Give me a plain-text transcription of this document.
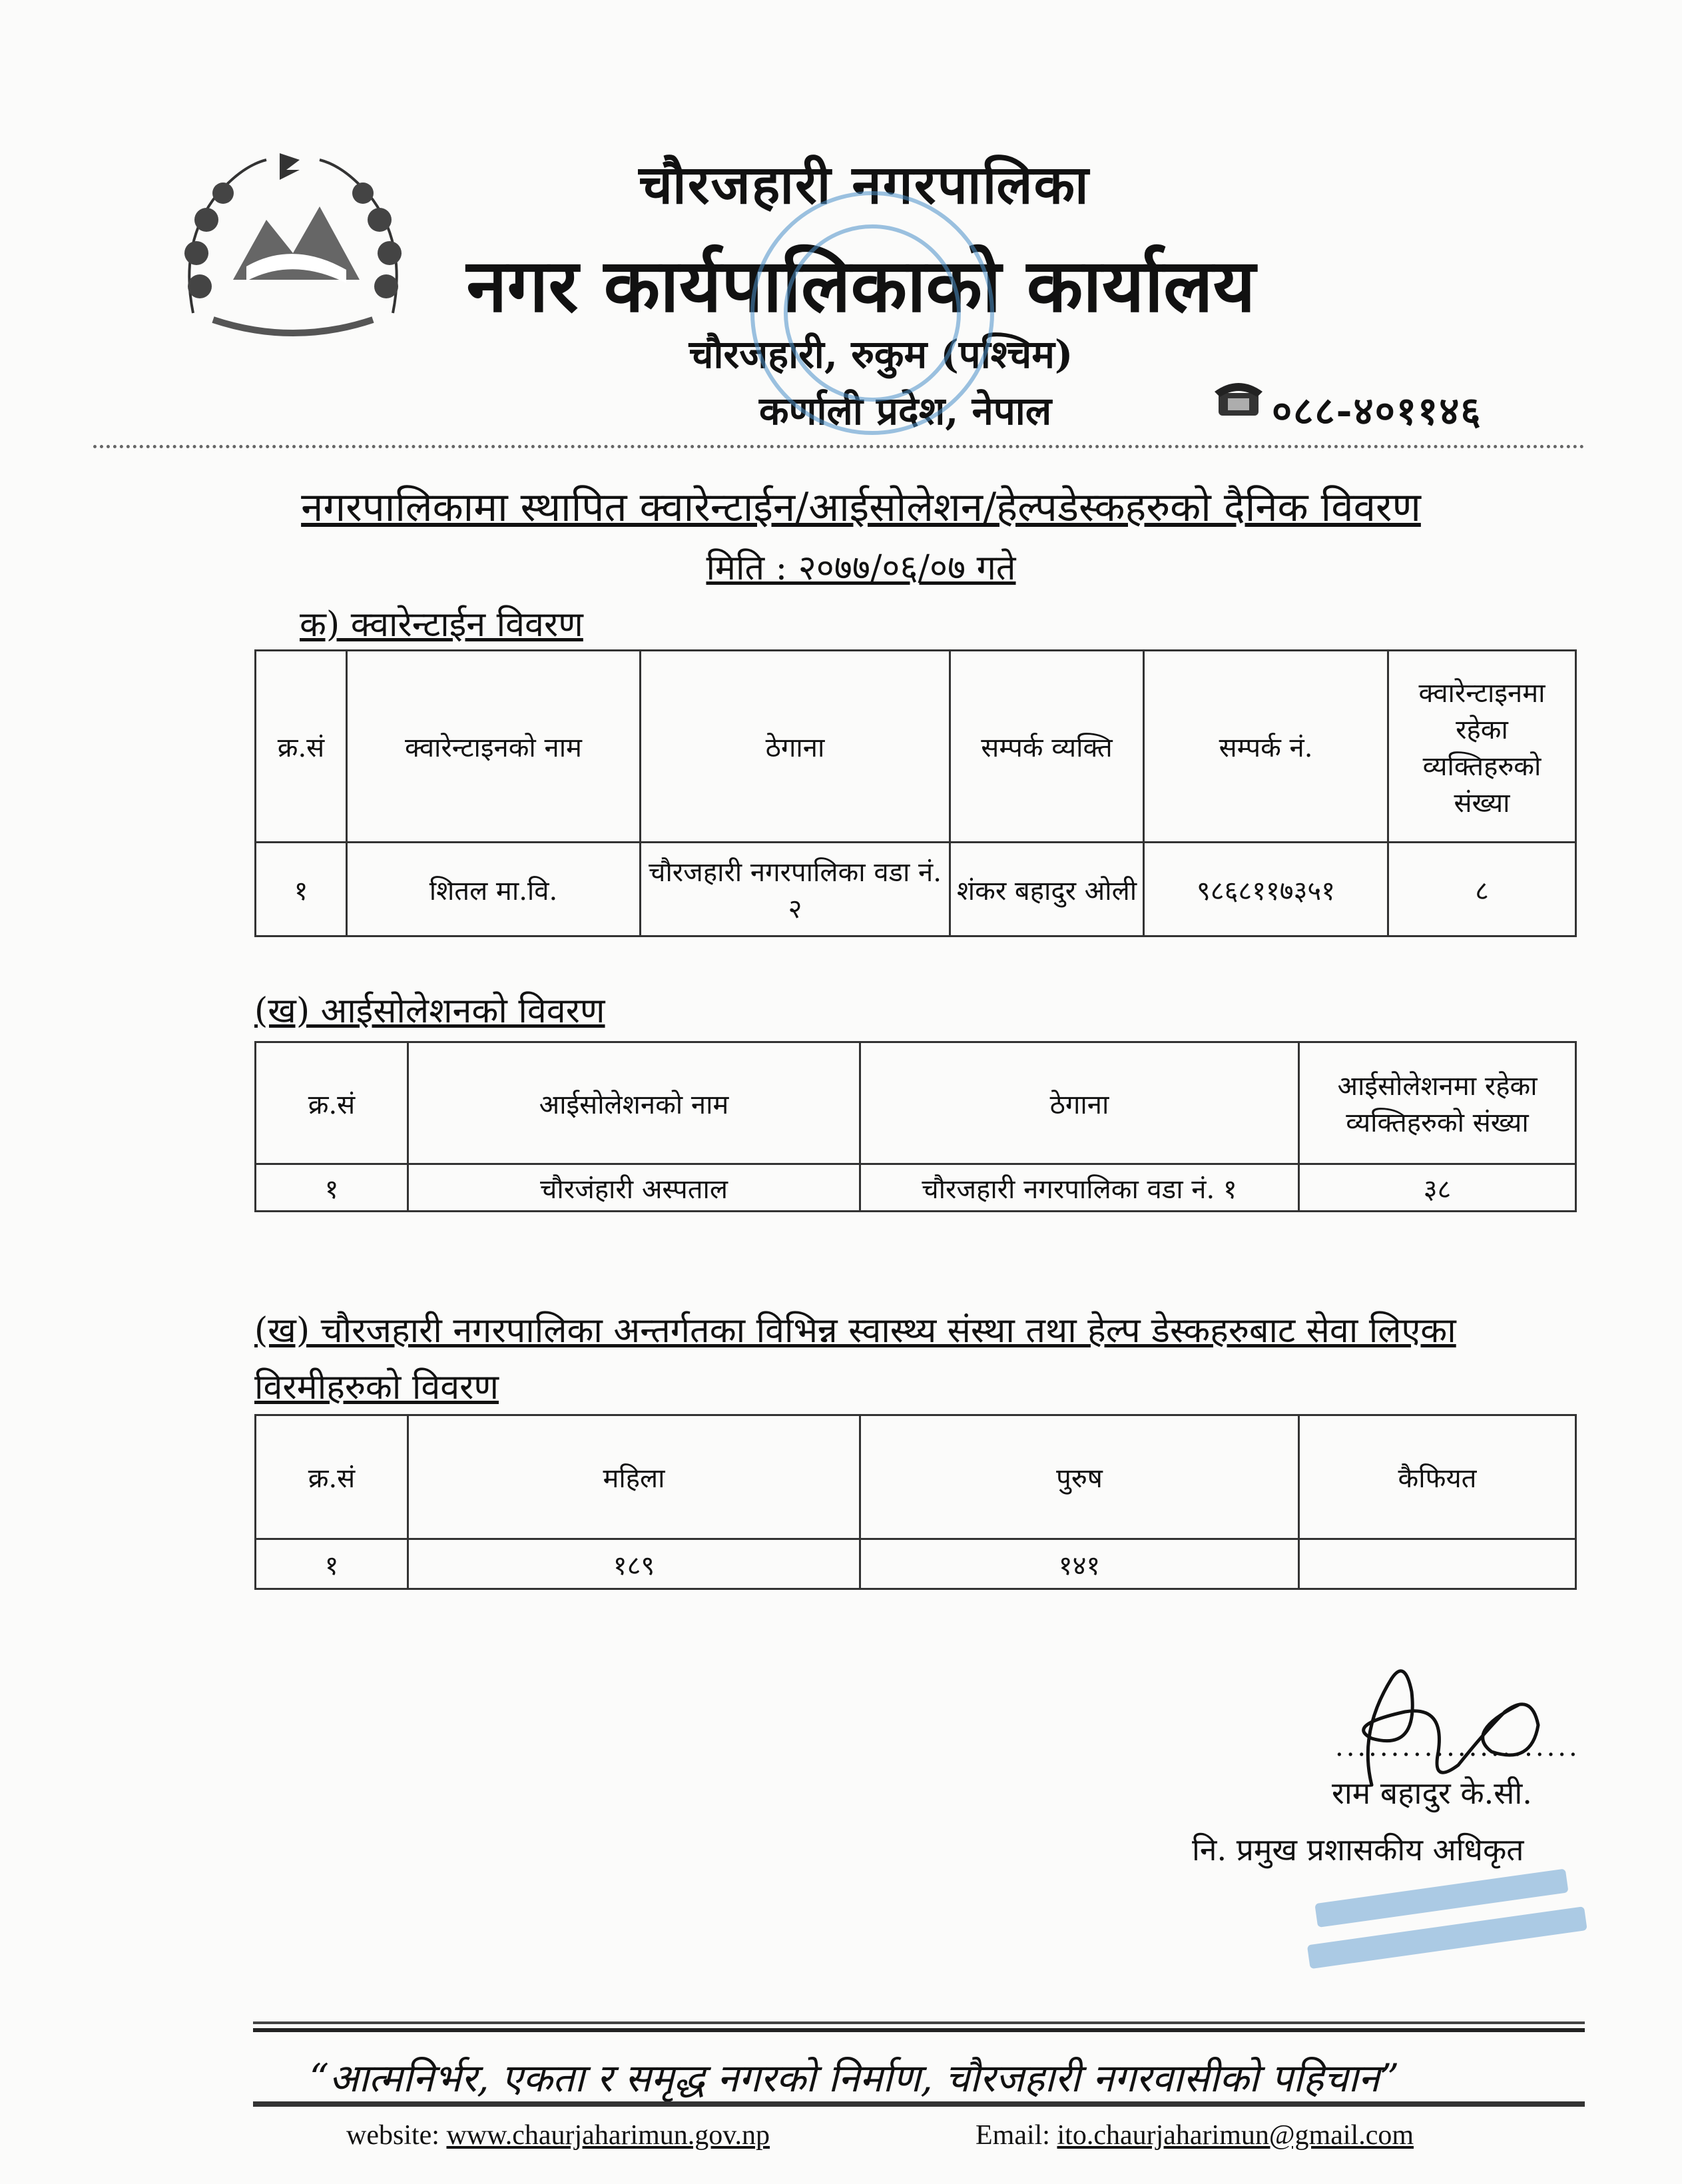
चौरजहारी नगरपालिका
नगर कार्यपालिकाको कार्यालय
चौरजहारी, रुकुम (पश्चिम)
कर्णाली प्रदेश, नेपाल	०८८-४०११४६
नगरपालिकामा स्थापित क्वारेन्टाईन/आईसोलेशन/हेल्पडेस्कहरुको दैनिक विवरण
मिति : २०७७/०६/०७ गते
क) क्वारेन्टाईन विवरण
क्र.सं	क्वारेन्टाइनको नाम	ठेगाना	सम्पर्क व्यक्ति	सम्पर्क नं.	क्वारेन्टाइनमा रहेका व्यक्तिहरुको संख्या
१	शितल मा.वि.	चौरजहारी नगरपालिका वडा नं. २	शंकर बहादुर ओली	९८६८११७३५१	८
(ख) आईसोलेशनको विवरण
क्र.सं	आईसोलेशनको नाम	ठेगाना	आईसोलेशनमा रहेका व्यक्तिहरुको संख्या
१	चौरजंहारी अस्पताल	चौरजहारी नगरपालिका वडा नं. १	३८
(ख) चौरजहारी नगरपालिका अन्तर्गतका विभिन्न स्वास्थ्य संस्था तथा हेल्प डेस्कहरुबाट सेवा लिएका
विरमीहरुको विवरण
क्र.सं	महिला	पुरुष	कैफियत
१	१८९	१४१	
......................
राम बहादुर के.सी.
नि. प्रमुख प्रशासकीय अधिकृत
“आत्मनिर्भर, एकता र समृद्ध नगरको निर्माण, चौरजहारी नगरवासीको पहिचान”
website: www.chaurjaharimun.gov.np	Email: ito.chaurjaharimun@gmail.com
